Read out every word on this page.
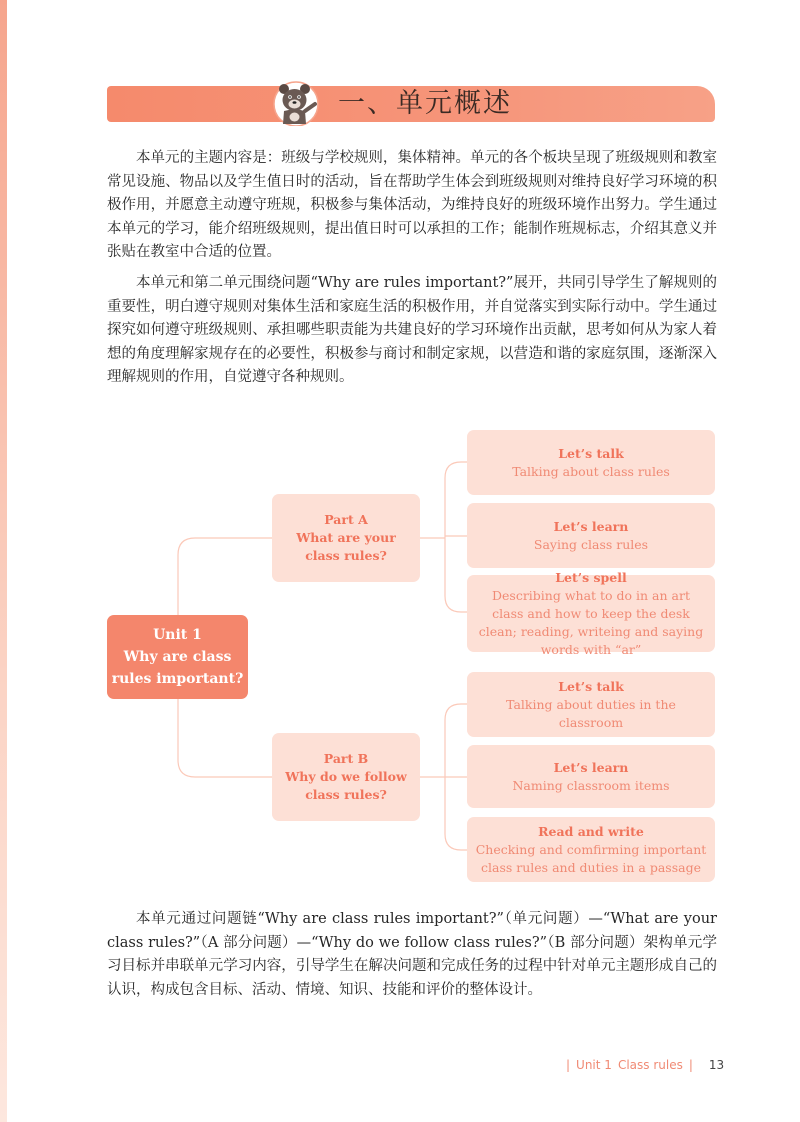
一、单元概述
本单元的主题内容是：班级与学校规则，集体精神。单元的各个板块呈现了班级规则和教室常见设施、物品以及学生值日时的活动，旨在帮助学生体会到班级规则对维持良好学习环境的积极作用，并愿意主动遵守班规，积极参与集体活动，为维持良好的班级环境作出努力。学生通过本单元的学习，能介绍班级规则，提出值日时可以承担的工作；能制作班规标志，介绍其意义并张贴在教室中合适的位置。
本单元和第二单元围绕问题“Why are rules important?”展开，共同引导学生了解规则的重要性，明白遵守规则对集体生活和家庭生活的积极作用，并自觉落实到实际行动中。学生通过探究如何遵守班级规则、承担哪些职责能为共建良好的学习环境作出贡献，思考如何从为家人着想的角度理解家规存在的必要性，积极参与商讨和制定家规，以营造和谐的家庭氛围，逐渐深入理解规则的作用，自觉遵守各种规则。
Unit 1
Why are class
rules important?
Part A
What are your
class rules?
Part B
Why do we follow
class rules?
Let’s talk
Talking about class rules
Let’s learn
Saying class rules
Let’s spell
Describing what to do in an art class and how to keep the desk clean; reading, writeing and saying words with “ar”
Let’s talk
Talking about duties in the classroom
Let’s learn
Naming classroom items
Read and write
Checking and comfirming important class rules and duties in a passage
本单元通过问题链“Why are class rules important?”（单元问题）—“What are your class rules?”（A 部分问题）—“Why do we follow class rules?”（B 部分问题）架构单元学习目标并串联单元学习内容，引导学生在解决问题和完成任务的过程中针对单元主题形成自己的认识，构成包含目标、活动、情境、知识、技能和评价的整体设计。
| Unit 1 Class rules | 13
